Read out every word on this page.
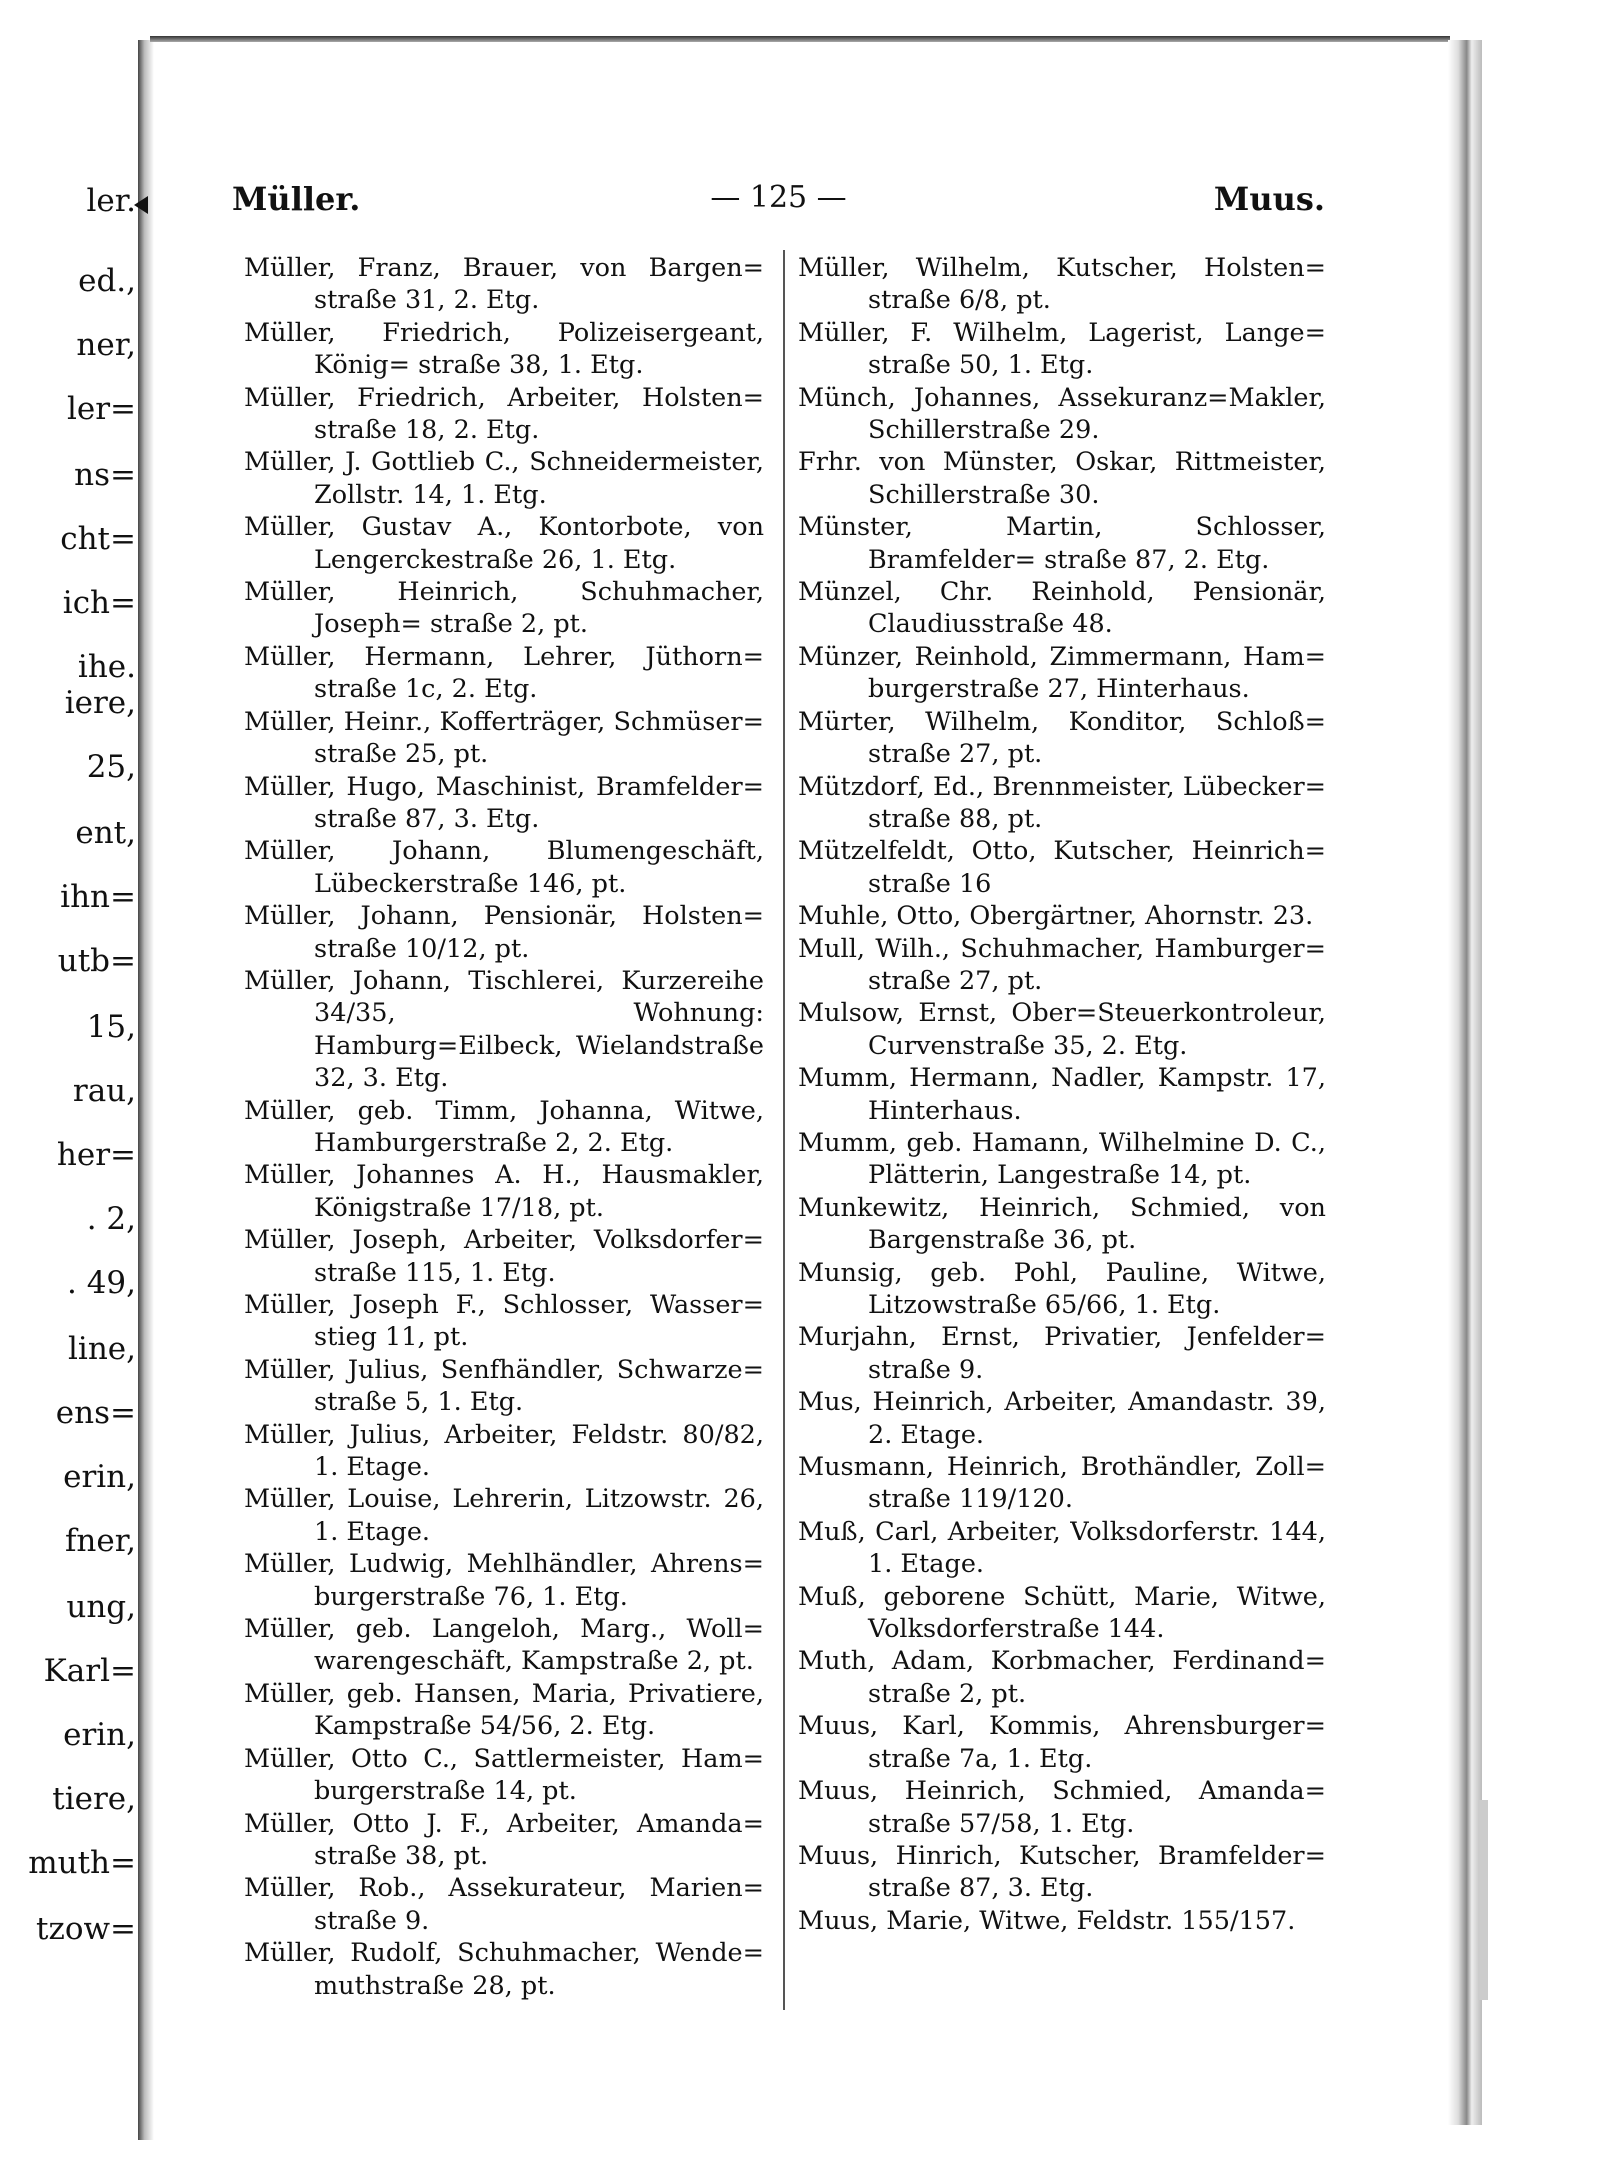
ler.
ed.,
ner,
ler=
ns=
cht=
ich=
ihe.
iere,
25,
ent,
ihn=
utb=
15,
rau,
her=
. 2,
. 49,
line,
ens=
erin,
fner,
ung,
Karl=
erin,
tiere,
muth=
tzow=
Müller.	— 125 —	Muus.

Müller, Franz, Brauer, von Bargen= straße 31, 2. Etg.

Müller, Friedrich, Polizeisergeant, König= straße 38, 1. Etg.

Müller, Friedrich, Arbeiter, Holsten= straße 18, 2. Etg.

Müller, J. Gottlieb C., Schneidermeister, Zollstr. 14, 1. Etg.

Müller, Gustav A., Kontorbote, von Lengerckestraße 26, 1. Etg.

Müller, Heinrich, Schuhmacher, Joseph= straße 2, pt.

Müller, Hermann, Lehrer, Jüthorn= straße 1c, 2. Etg.

Müller, Heinr., Kofferträger, Schmüser= straße 25, pt.

Müller, Hugo, Maschinist, Bramfelder= straße 87, 3. Etg.

Müller, Johann, Blumengeschäft, Lübeckerstraße 146, pt.

Müller, Johann, Pensionär, Holsten= straße 10/12, pt.

Müller, Johann, Tischlerei, Kurzereihe 34/35, Wohnung: Hamburg=Eilbeck, Wielandstraße 32, 3. Etg.

Müller, geb. Timm, Johanna, Witwe, Hamburgerstraße 2, 2. Etg.

Müller, Johannes A. H., Hausmakler, Königstraße 17/18, pt.

Müller, Joseph, Arbeiter, Volksdorfer= straße 115, 1. Etg.

Müller, Joseph F., Schlosser, Wasser= stieg 11, pt.

Müller, Julius, Senfhändler, Schwarze= straße 5, 1. Etg.

Müller, Julius, Arbeiter, Feldstr. 80/82, 1. Etage.

Müller, Louise, Lehrerin, Litzowstr. 26, 1. Etage.

Müller, Ludwig, Mehlhändler, Ahrens= burgerstraße 76, 1. Etg.

Müller, geb. Langeloh, Marg., Woll= warengeschäft, Kampstraße 2, pt.

Müller, geb. Hansen, Maria, Privatiere, Kampstraße 54/56, 2. Etg.

Müller, Otto C., Sattlermeister, Ham= burgerstraße 14, pt.

Müller, Otto J. F., Arbeiter, Amanda= straße 38, pt.

Müller, Rob., Assekurateur, Marien= straße 9.

Müller, Rudolf, Schuhmacher, Wende= muthstraße 28, pt.

Müller, Wilhelm, Kutscher, Holsten= straße 6/8, pt.

Müller, F. Wilhelm, Lagerist, Lange= straße 50, 1. Etg.

Münch, Johannes, Assekuranz=Makler, Schillerstraße 29.

Frhr. von Münster, Oskar, Rittmeister, Schillerstraße 30.

Münster, Martin, Schlosser, Bramfelder= straße 87, 2. Etg.

Münzel, Chr. Reinhold, Pensionär, Claudiusstraße 48.

Münzer, Reinhold, Zimmermann, Ham= burgerstraße 27, Hinterhaus.

Mürter, Wilhelm, Konditor, Schloß= straße 27, pt.

Mützdorf, Ed., Brennmeister, Lübecker= straße 88, pt.

Mützelfeldt, Otto, Kutscher, Heinrich= straße 16

Muhle, Otto, Obergärtner, Ahornstr. 23.

Mull, Wilh., Schuhmacher, Hamburger= straße 27, pt.

Mulsow, Ernst, Ober=Steuerkontroleur, Curvenstraße 35, 2. Etg.

Mumm, Hermann, Nadler, Kampstr. 17, Hinterhaus.

Mumm, geb. Hamann, Wilhelmine D. C., Plätterin, Langestraße 14, pt.

Munkewitz, Heinrich, Schmied, von Bargenstraße 36, pt.

Munsig, geb. Pohl, Pauline, Witwe, Litzowstraße 65/66, 1. Etg.

Murjahn, Ernst, Privatier, Jenfelder= straße 9.

Mus, Heinrich, Arbeiter, Amandastr. 39, 2. Etage.

Musmann, Heinrich, Brothändler, Zoll= straße 119/120.

Muß, Carl, Arbeiter, Volksdorferstr. 144, 1. Etage.

Muß, geborene Schütt, Marie, Witwe, Volksdorferstraße 144.

Muth, Adam, Korbmacher, Ferdinand= straße 2, pt.

Muus, Karl, Kommis, Ahrensburger= straße 7a, 1. Etg.

Muus, Heinrich, Schmied, Amanda= straße 57/58, 1. Etg.

Muus, Hinrich, Kutscher, Bramfelder= straße 87, 3. Etg.

Muus, Marie, Witwe, Feldstr. 155/157.
